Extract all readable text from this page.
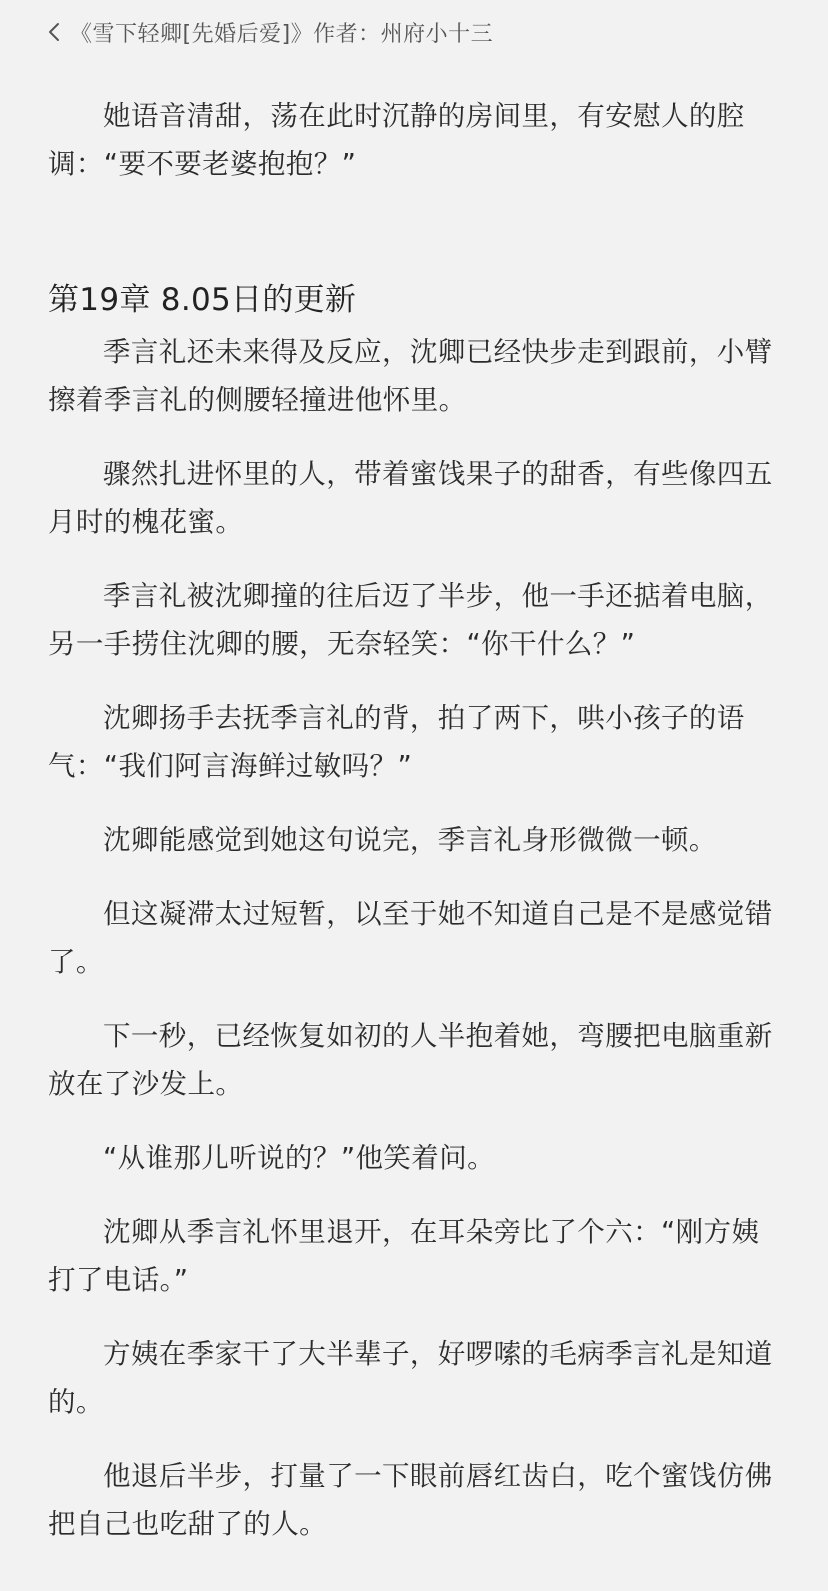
《雪下轻卿[先婚后爱]》作者：州府小十三

她语音清甜，荡在此时沉静的房间里，有安慰人的腔调：“要不要老婆抱抱？”

第19章 8.05日的更新

季言礼还未来得及反应，沈卿已经快步走到跟前，小臂擦着季言礼的侧腰轻撞进他怀里。

骤然扎进怀里的人，带着蜜饯果子的甜香，有些像四五月时的槐花蜜。

季言礼被沈卿撞的往后迈了半步，他一手还掂着电脑，另一手捞住沈卿的腰，无奈轻笑：“你干什么？”

沈卿扬手去抚季言礼的背，拍了两下，哄小孩子的语气：“我们阿言海鲜过敏吗？”

沈卿能感觉到她这句说完，季言礼身形微微一顿。

但这凝滞太过短暂，以至于她不知道自己是不是感觉错了。

下一秒，已经恢复如初的人半抱着她，弯腰把电脑重新放在了沙发上。

“从谁那儿听说的？”他笑着问。

沈卿从季言礼怀里退开，在耳朵旁比了个六：“刚方姨打了电话。”

方姨在季家干了大半辈子，好啰嗦的毛病季言礼是知道的。

他退后半步，打量了一下眼前唇红齿白，吃个蜜饯仿佛把自己也吃甜了的人。
